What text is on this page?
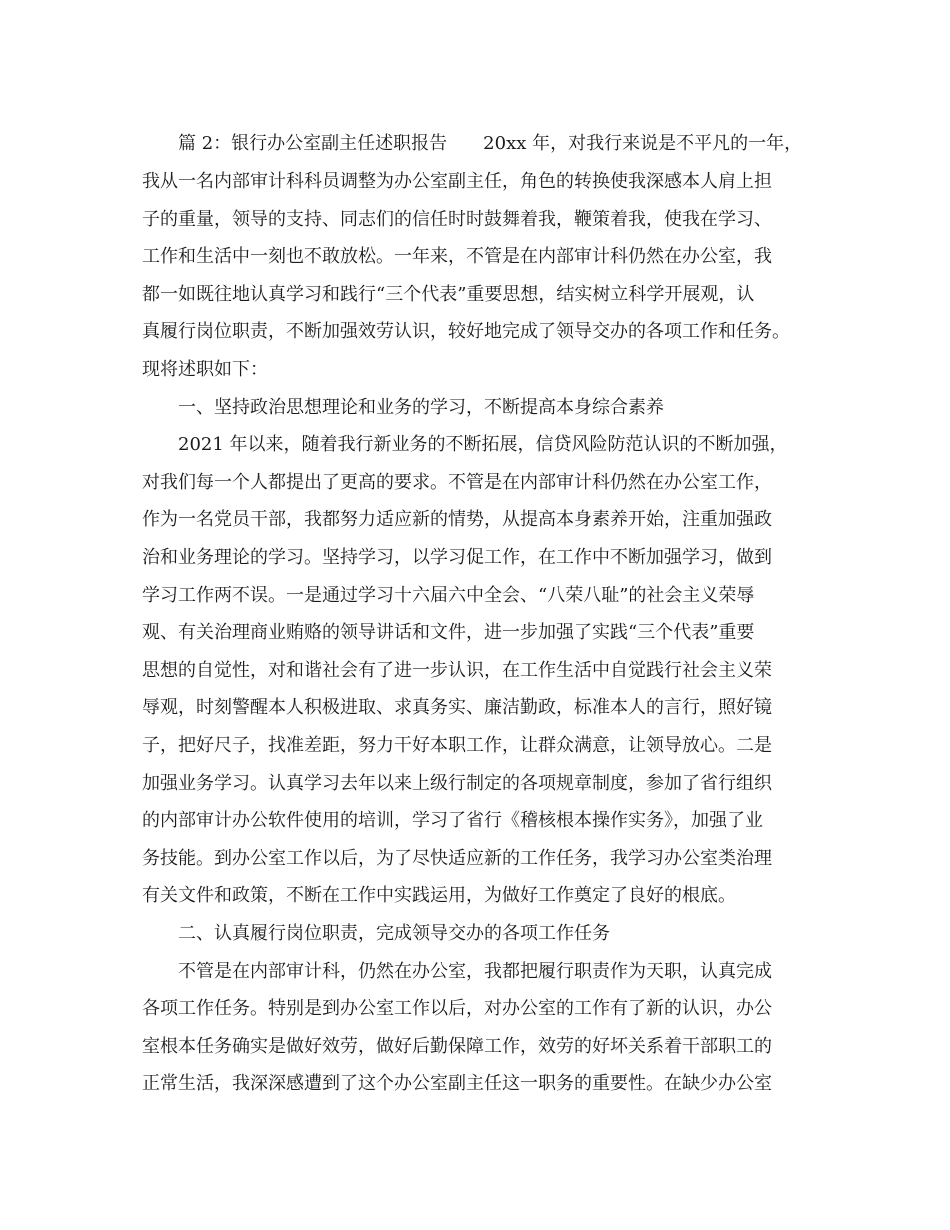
篇 2：银行办公室副主任述职报告　　20xx 年，对我行来说是不平凡的一年，
我从一名内部审计科科员调整为办公室副主任，角色的转换使我深感本人肩上担
子的重量，领导的支持、同志们的信任时时鼓舞着我，鞭策着我，使我在学习、
工作和生活中一刻也不敢放松。一年来，不管是在内部审计科仍然在办公室，我
都一如既往地认真学习和践行“三个代表”重要思想，结实树立科学开展观，认
真履行岗位职责，不断加强效劳认识，较好地完成了领导交办的各项工作和任务。
现将述职如下：
一、坚持政治思想理论和业务的学习，不断提高本身综合素养
2021 年以来，随着我行新业务的不断拓展，信贷风险防范认识的不断加强，
对我们每一个人都提出了更高的要求。不管是在内部审计科仍然在办公室工作，
作为一名党员干部，我都努力适应新的情势，从提高本身素养开始，注重加强政
治和业务理论的学习。坚持学习，以学习促工作，在工作中不断加强学习，做到
学习工作两不误。一是通过学习十六届六中全会、“八荣八耻”的社会主义荣辱
观、有关治理商业贿赂的领导讲话和文件，进一步加强了实践“三个代表”重要
思想的自觉性，对和谐社会有了进一步认识，在工作生活中自觉践行社会主义荣
辱观，时刻警醒本人积极进取、求真务实、廉洁勤政，标准本人的言行，照好镜
子，把好尺子，找准差距，努力干好本职工作，让群众满意，让领导放心。二是
加强业务学习。认真学习去年以来上级行制定的各项规章制度，参加了省行组织
的内部审计办公软件使用的培训，学习了省行《稽核根本操作实务》，加强了业
务技能。到办公室工作以后，为了尽快适应新的工作任务，我学习办公室类治理
有关文件和政策，不断在工作中实践运用，为做好工作奠定了良好的根底。
二、认真履行岗位职责，完成领导交办的各项工作任务
不管是在内部审计科，仍然在办公室，我都把履行职责作为天职，认真完成
各项工作任务。特别是到办公室工作以后，对办公室的工作有了新的认识，办公
室根本任务确实是做好效劳，做好后勤保障工作，效劳的好坏关系着干部职工的
正常生活，我深深感遭到了这个办公室副主任这一职务的重要性。在缺少办公室
